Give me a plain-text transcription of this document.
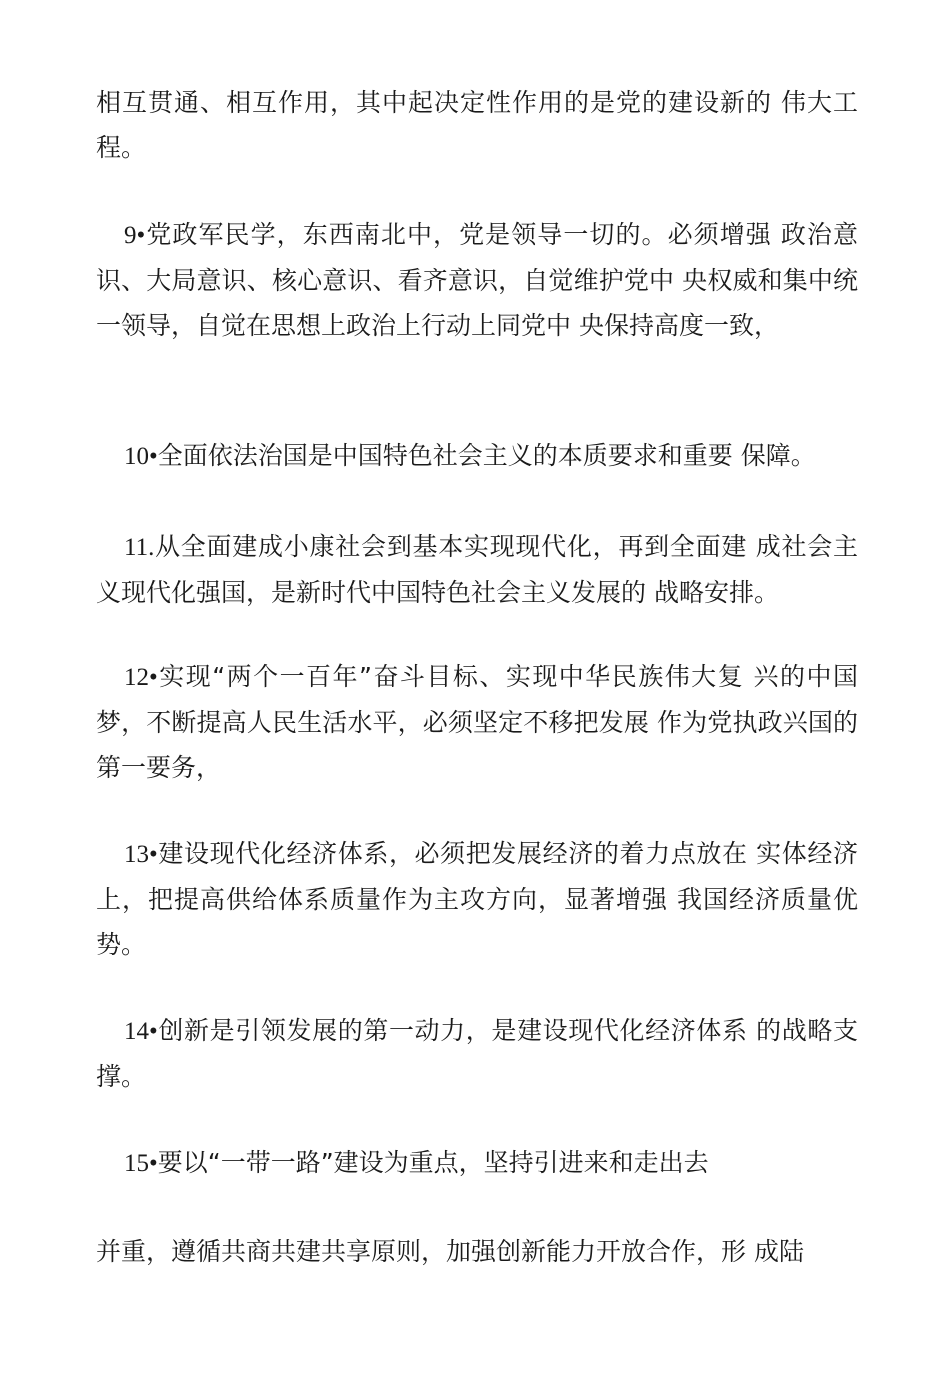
相互贯通、相互作用，其中起决定性作用的是党的建设新的 伟大工程。

9•党政军民学，东西南北中，党是领导一切的。必须增强 政治意识、大局意识、核心意识、看齐意识，自觉维护党中 央权威和集中统一领导，自觉在思想上政治上行动上同党中 央保持高度一致，

10•全面依法治国是中国特色社会主义的本质要求和重要 保障。

11.从全面建成小康社会到基本实现现代化，再到全面建 成社会主义现代化强国，是新时代中国特色社会主义发展的 战略安排。

12•实现“两个一百年”奋斗目标、实现中华民族伟大复 兴的中国梦，不断提高人民生活水平，必须坚定不移把发展 作为党执政兴国的第一要务，

13•建设现代化经济体系，必须把发展经济的着力点放在 实体经济上，把提高供给体系质量作为主攻方向，显著增强 我国经济质量优势。

14•创新是引领发展的第一动力，是建设现代化经济体系 的战略支撑。

15•要以“一带一路”建设为重点，坚持引进来和走出去

并重，遵循共商共建共享原则，加强创新能力开放合作，形 成陆
